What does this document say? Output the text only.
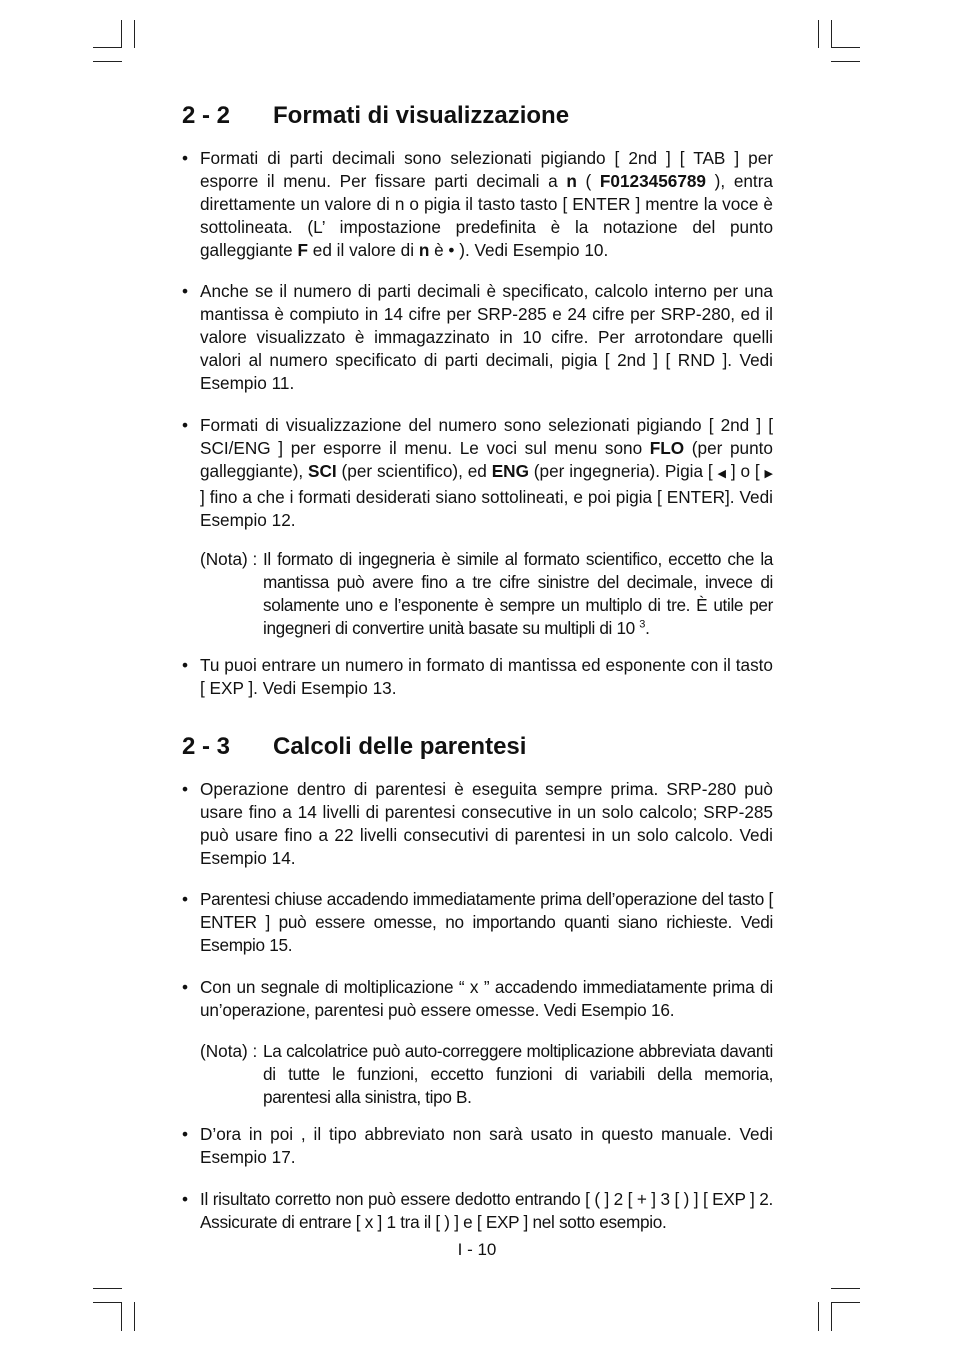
2 - 2 Formati di visualizzazione
• Formati di parti decimali sono selezionati pigiando [ 2nd ] [ TAB ] per esporre il menu. Per fissare parti decimali a n ( F0123456789 ), entra direttamente un valore di n o pigia il tasto tasto [ ENTER ] mentre la voce è sottolineata. (L’ impostazione predefinita è la notazione del punto galleggiante F ed il valore di n è • ). Vedi Esempio 10.
• Anche se il numero di parti decimali è specificato, calcolo interno per una mantissa è compiuto in 14 cifre per SRP-285 e 24 cifre per SRP-280, ed il valore visualizzato è immagazzinato in 10 cifre. Per arrotondare quelli valori al numero specificato di parti decimali, pigia [ 2nd ] [ RND ]. Vedi Esempio 11.
• Formati di visualizzazione del numero sono selezionati pigiando [ 2nd ] [ SCI/ENG ] per esporre il menu. Le voci sul menu sono FLO (per punto galleggiante), SCI (per scientifico), ed ENG (per ingegneria). Pigia [ ◀ ] o [ ▶ ] fino a che i formati desiderati siano sottolineati, e poi pigia [ ENTER]. Vedi Esempio 12.
(Nota) : Il formato di ingegneria è simile al formato scientifico, eccetto che la mantissa può avere fino a tre cifre sinistre del decimale, invece di solamente uno e l’esponente è sempre un multiplo di tre. È utile per ingegneri di convertire unità basate su multipli di 10 $^3$.
• Tu puoi entrare un numero in formato di mantissa ed esponente con il tasto [ EXP ]. Vedi Esempio 13.
2 - 3 Calcoli delle parentesi
• Operazione dentro di parentesi è eseguita sempre prima. SRP-280 può usare fino a 14 livelli di parentesi consecutive in un solo calcolo; SRP-285 può usare fino a 22 livelli consecutivi di parentesi in un solo calcolo. Vedi Esempio 14.
• Parentesi chiuse accadendo immediatamente prima dell’operazione del tasto [ ENTER ] può essere omesse, no importando quanti siano richieste. Vedi Esempio 15.
• Con un segnale di moltiplicazione “ x ” accadendo immediatamente prima di un’operazione, parentesi può essere omesse. Vedi Esempio 16.
(Nota) : La calcolatrice può auto-correggere moltiplicazione abbreviata davanti di tutte le funzioni, eccetto funzioni di variabili della memoria, parentesi alla sinistra, tipo B.
• D’ora in poi , il tipo abbreviato non sarà usato in questo manuale. Vedi Esempio 17.
• Il risultato corretto non può essere dedotto entrando [ ( ] 2 [ + ] 3 [ ) ] [ EXP ] 2. Assicurate di entrare [ x ] 1 tra il [ ) ] e [ EXP ] nel sotto esempio.
I - 10
